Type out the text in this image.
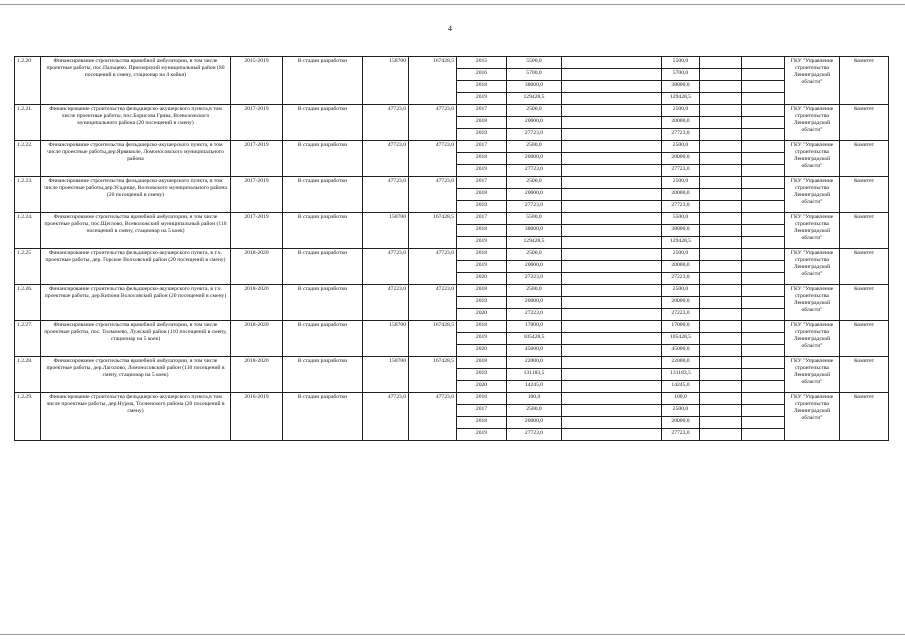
4
1.2.20	Финансирование строительства врачебной амбулатории, в том числе проектные работы, пос.Пальцево, Приозерский муниципальный район (80 посещений в смену, стационар на 4 койки)	2015-2019	В стадии разработки	158700	167428,5	2015	5500,0		5500,0			ГКУ "Управление строительства Ленинградской области"	Комитет
						2016	5700,0		5700,0				
						2018	38000,0		38000,0				
						2019	129428,5		129428,5				
1.2.21.	Финансирование строительства фельдшерско-акушерского пункта,в том числе проектные работы, пос.Борисова Грива, Всеволожского муниципального района (20 посещений в смену)	2017-2019	В стадии разработки	47723,0	47723,0	2017	2500,0		2500,0			ГКУ "Управление строительства Ленинградской области"	Комитет
						2018	20000,0		20000,0				
						2019	27723,0		27723,0				
1.2.22.	Финансирование строительства фельдшерско-акушерского пункта, в том числе проектные работы,дер.Ярвякюле, Ломоносовского муниципального района	2017-2019	В стадии разработки	47723,0	47723,0	2017	2500,0		2500,0			ГКУ "Управление строительства Ленинградской области"	Комитет
						2018	20000,0		20000,0				
						2019	27723,0		27723,0				
1.2.23.	Финансирование строительства фельдшерско-акушерского пункта, в том числе проектные работы,дер.Усадище, Волховского муниципального района (20 посещений в смену)	2017-2019	В стадии разработки	47723,0	47723,0	2017	2500,0		2500,0			ГКУ "Управление строительства Ленинградской области"	Комитет
						2018	20000,0		20000,0				
						2019	27723,0		27723,0				
1.2.24.	Финансирование строительства врачебной амбулатории, в том числе проектные работы, пос.Щеглово, Всеволожский муниципальный район (110 посещений в смену, стационар на 5 коек)	2017-2019	В стадии разработки	158700	167428,5	2017	5500,0		5500,0			ГКУ "Управление строительства Ленинградской области"	Комитет
						2018	38000,0		38000,0				
						2019	129428,5		129428,5				
1.2.25	Финансирование строительства фельдшерско-акушерского пункта, в т.ч. проектные работы, дер. Горское Волховский район (20 посещений в смену)	2018-2020	В стадии разработки	47723,0	47723,0	2018	2500,0		2500,0			ГКУ "Управление строительства Ленинградской области"	Комитет
						2019	20000,0		20000,0				
						2020	27223,0		27223,0				
1.2.26.	Финансирование строительства фельдшерско-акушерского пункта, в т.ч. проектные работы, дер.Кипони Волосовский район (20 посещений в смену)	2018-2020	В стадии разработки	47223,0	47223,0	2018	2500,0		2500,0			ГКУ "Управление строительства Ленинградской области"	Комитет
						2019	20000,0		20000,0				
						2020	27223,0		27223,0				
1.2.27.	Финансирование строительства врачебной амбулатории, в том числе проектные работы, пос. Толмачево, Лужский район (110 посещений в смену, стационар на 5 коек)	2018-2020	В стадии разработки	158700	167428,5	2018	17000,0		17000,0			ГКУ "Управление строительства Ленинградской области"	Комитет
						2019	105428,5		105428,5				
						2020	45000,0		45000,0				
1.2.28.	Финансирование строительства врачебной амбулатории, в том числе проектные работы, дер.Лаголово, Ломоносовский район (110 посещений в смену, стационар на 5 коек)	2018-2020	В стадии разработки	158700	167428,5	2018	22000,0		22000,0			ГКУ "Управление строительства Ленинградской области"	Комитет
						2019	131183,5		131183,5				
						2020	14245,0		14245,0				
1.2.29.	Финансирование строительства фельдшерско-акушерского пункта,в том числе проектные работы, дер.Нурма, Тосненского района (20 посещений в смену)	2016-2019	В стадии разработки	47723,0	47723,0	2016	100,0		100,0			ГКУ "Управление строительства Ленинградской области"	Комитет
						2017	2500,0		2500,0				
						2018	20000,0		20000,0				
						2019	27723,0		27723,0				
